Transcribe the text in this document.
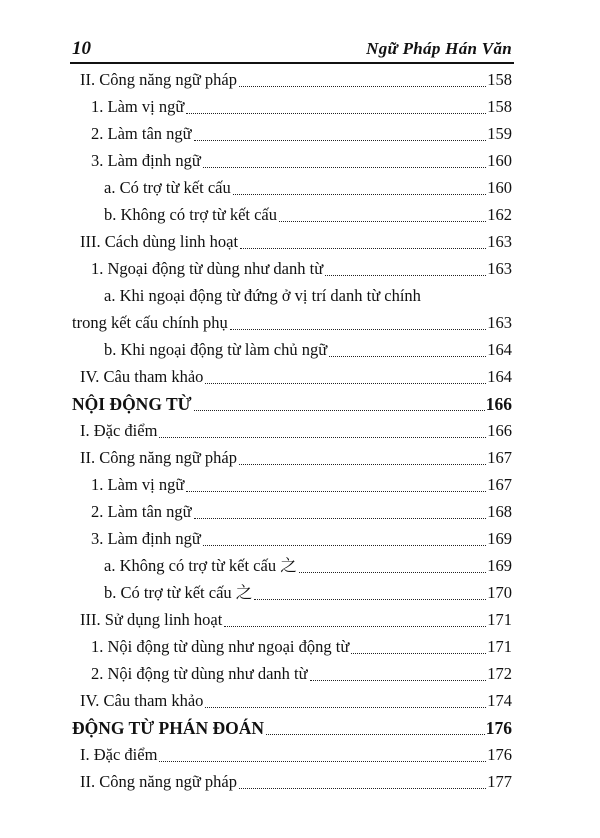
10	Ngữ Pháp Hán Văn
II. Công năng ngữ pháp	158
1. Làm vị ngữ	158
2. Làm tân ngữ	159
3. Làm định ngữ	160
a. Có trợ từ kết cấu	160
b. Không có trợ từ kết cấu	162
III. Cách dùng linh hoạt	163
1. Ngoại động từ dùng như danh từ	163
a. Khi ngoại động từ đứng ở vị trí danh từ chính
trong kết cấu chính phụ	163
b. Khi ngoại động từ làm chủ ngữ	164
IV. Câu tham khảo	164
NỘI ĐỘNG TỪ	166
I. Đặc điểm	166
II. Công năng ngữ pháp	167
1. Làm vị ngữ	167
2. Làm tân ngữ	168
3. Làm định ngữ	169
a. Không có trợ từ kết cấu 之	169
b. Có trợ từ kết cấu 之	170
III. Sử dụng linh hoạt	171
1. Nội động từ dùng như ngoại động từ	171
2. Nội động từ dùng như danh từ	172
IV. Câu tham khảo	174
ĐỘNG TỪ PHÁN ĐOÁN	176
I. Đặc điểm	176
II. Công năng ngữ pháp	177
